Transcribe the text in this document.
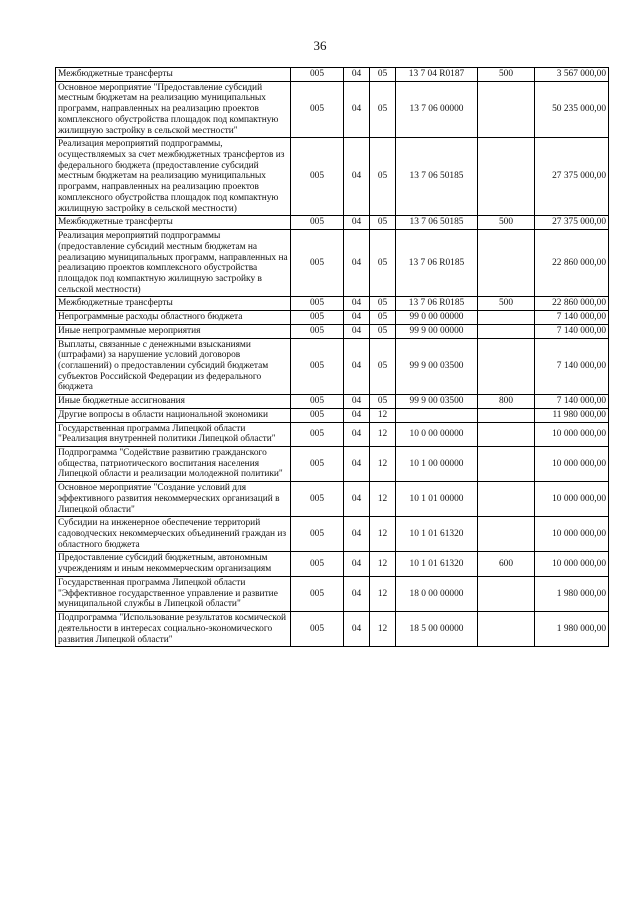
36
Межбюджетные трансферты	005	04	05	13 7 04 R0187	500	3 567 000,00
Основное мероприятие "Предоставление субсидий местным бюджетам на реализацию муниципальных программ, направленных на реализацию проектов комплексного обустройства площадок под компактную жилищную застройку в сельской местности"	005	04	05	13 7 06 00000		50 235 000,00
Реализация мероприятий подпрограммы, осуществляемых за счет межбюджетных трансфертов из федерального бюджета (предоставление субсидий местным бюджетам на реализацию муниципальных программ, направленных на реализацию проектов комплексного обустройства площадок под компактную жилищную застройку в сельской местности)	005	04	05	13 7 06 50185		27 375 000,00
Межбюджетные трансферты	005	04	05	13 7 06 50185	500	27 375 000,00
Реализация мероприятий подпрограммы (предоставление субсидий местным бюджетам на реализацию муниципальных программ, направленных на реализацию проектов комплексного обустройства площадок под компактную жилищную застройку в сельской местности)	005	04	05	13 7 06 R0185		22 860 000,00
Межбюджетные трансферты	005	04	05	13 7 06 R0185	500	22 860 000,00
Непрограммные расходы областного бюджета	005	04	05	99 0 00 00000		7 140 000,00
Иные непрограммные мероприятия	005	04	05	99 9 00 00000		7 140 000,00
Выплаты, связанные с денежными взысканиями (штрафами) за нарушение условий договоров (соглашений) о предоставлении субсидий бюджетам субъектов Российской Федерации из федерального бюджета	005	04	05	99 9 00 03500		7 140 000,00
Иные бюджетные ассигнования	005	04	05	99 9 00 03500	800	7 140 000,00
Другие вопросы в области национальной экономики	005	04	12			11 980 000,00
Государственная программа Липецкой области "Реализация внутренней политики Липецкой области"	005	04	12	10 0 00 00000		10 000 000,00
Подпрограмма "Содействие развитию гражданского общества, патриотического воспитания населения Липецкой области и реализации молодежной политики"	005	04	12	10 1 00 00000		10 000 000,00
Основное мероприятие "Создание условий для эффективного развития некоммерческих организаций в Липецкой области"	005	04	12	10 1 01 00000		10 000 000,00
Субсидии на инженерное обеспечение территорий садоводческих некоммерческих объединений граждан из областного бюджета	005	04	12	10 1 01 61320		10 000 000,00
Предоставление субсидий бюджетным, автономным учреждениям и иным некоммерческим организациям	005	04	12	10 1 01 61320	600	10 000 000,00
Государственная программа Липецкой области "Эффективное государственное управление и развитие муниципальной службы в Липецкой области"	005	04	12	18 0 00 00000		1 980 000,00
Подпрограмма "Использование результатов космической деятельности в интересах социально-экономического развития Липецкой области"	005	04	12	18 5 00 00000		1 980 000,00
